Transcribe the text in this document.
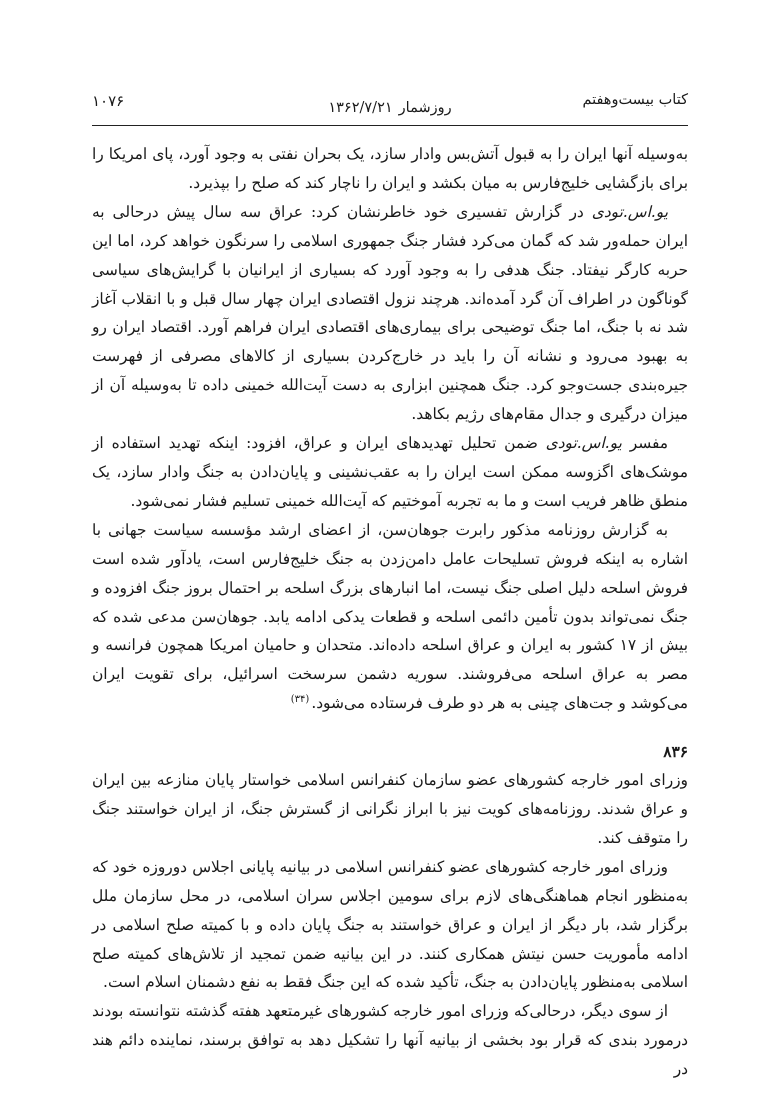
کتاب بیست‌وهفتم
روزشمار۱۳۶۲/۷/۲۱
۱۰۷۶

به‌وسیله آنها ایران را به قبول آتش‌بس وادار سازد، یک بحران نفتی به وجود آورد، پای امریکا را برای بازگشایی خلیج‌فارس به میان بکشد و ایران را ناچار کند که صلح را بپذیرد.

یو.اس.تودی در گزارش تفسیری خود خاطرنشان کرد: عراق سه سال پیش درحالی به ایران حمله‌ور شد که گمان می‌کرد فشار جنگ جمهوری اسلامی را سرنگون خواهد کرد، اما این حربه کارگر نیفتاد. جنگ هدفی را به وجود آورد که بسیاری از ایرانیان با گرایش‌های سیاسی گوناگون در اطراف آن گرد آمده‌اند. هرچند نزول اقتصادی ایران چهار سال قبل و با انقلاب آغاز شد نه با جنگ، اما جنگ توضیحی برای بیماری‌های اقتصادی ایران فراهم آورد. اقتصاد ایران رو به بهبود می‌رود و نشانه آن را باید در خارج‌کردن بسیاری از کالاهای مصرفی از فهرست جیره‌بندی جست‌وجو کرد. جنگ همچنین ابزاری به دست آیت‌الله خمینی داده تا به‌وسیله آن از میزان درگیری و جدال مقام‌های رژیم بکاهد.

مفسر یو.اس.تودی ضمن تحلیل تهدیدهای ایران و عراق، افزود: اینکه تهدید استفاده از موشک‌های اگزوسه ممکن است ایران را به عقب‌نشینی و پایان‌دادن به جنگ وادار سازد، یک منطق ظاهر فریب است و ما به تجربه آموختیم که آیت‌الله خمینی تسلیم فشار نمی‌شود.

به گزارش روزنامه مذکور رابرت جوهان‌سن، از اعضای ارشد مؤسسه سیاست جهانی با اشاره به اینکه فروش تسلیحات عامل دامن‌زدن به جنگ خلیج‌فارس است، یادآور شده است فروش اسلحه دلیل اصلی جنگ نیست، اما انبارهای بزرگ اسلحه بر احتمال بروز جنگ افزوده و جنگ نمی‌تواند بدون تأمین دائمی اسلحه و قطعات یدکی ادامه یابد. جوهان‌سن مدعی شده که بیش از ۱۷ کشور به ایران و عراق اسلحه داده‌اند. متحدان و حامیان امریکا همچون فرانسه و مصر به عراق اسلحه می‌فروشند. سوریه دشمن سرسخت اسرائیل، برای تقویت ایران می‌کوشد و جت‌های چینی به هر دو طرف فرستاده می‌شود.$^{(۳۴)}$

۸۳۶

وزرای امور خارجه کشورهای عضو سازمان کنفرانس اسلامی خواستار پایان منازعه بین ایران و عراق شدند. روزنامه‌های کویت نیز با ابراز نگرانی از گسترش جنگ، از ایران خواستند جنگ را متوقف کند.

وزرای امور خارجه کشورهای عضو کنفرانس اسلامی در بیانیه پایانی اجلاس دوروزه خود که به‌منظور انجام هماهنگی‌های لازم برای سومین اجلاس سران اسلامی، در محل سازمان ملل برگزار شد، بار دیگر از ایران و عراق خواستند به جنگ پایان داده و با کمیته صلح اسلامی در ادامه مأموریت حسن نیتش همکاری کنند. در این بیانیه ضمن تمجید از تلاش‌های کمیته صلح اسلامی به‌منظور پایان‌دادن به جنگ، تأکید شده که این جنگ فقط به نفع دشمنان اسلام است.

از سوی دیگر، درحالی‌که وزرای امور خارجه کشورهای غیرمتعهد هفته گذشته نتوانسته بودند درمورد بندی که قرار بود بخشی از بیانیه آنها را تشکیل دهد به توافق برسند، نماینده دائم هند در
